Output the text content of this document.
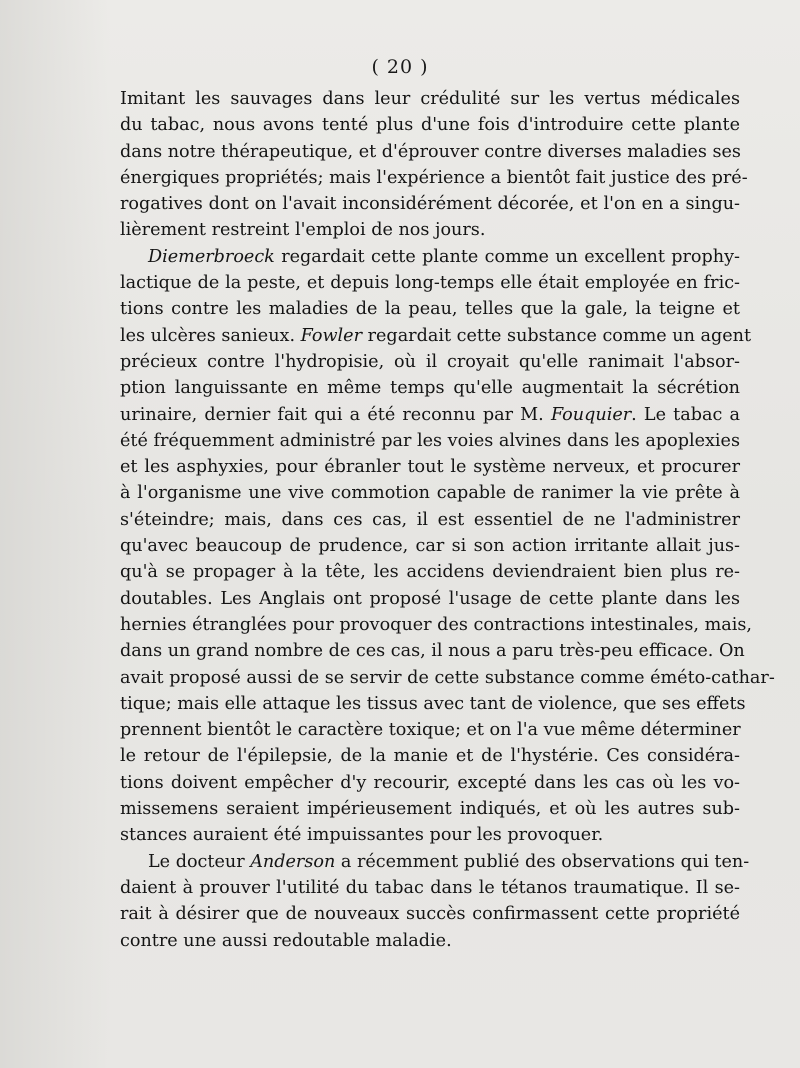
( 20 )
Imitant les sauvages dans leur crédulité sur les vertus médicales
du tabac, nous avons tenté plus d'une fois d'introduire cette plante
dans notre thérapeutique, et d'éprouver contre diverses maladies ses
énergiques propriétés; mais l'expérience a bientôt fait justice des pré-
rogatives dont on l'avait inconsidérément décorée, et l'on en a singu-
lièrement restreint l'emploi de nos jours.
Diemerbroeck regardait cette plante comme un excellent prophy-
lactique de la peste, et depuis long-temps elle était employée en fric-
tions contre les maladies de la peau, telles que la gale, la teigne et
les ulcères sanieux. Fowler regardait cette substance comme un agent
précieux contre l'hydropisie, où il croyait qu'elle ranimait l'absor-
ption languissante en même temps qu'elle augmentait la sécrétion
urinaire, dernier fait qui a été reconnu par M. Fouquier. Le tabac a
été fréquemment administré par les voies alvines dans les apoplexies
et les asphyxies, pour ébranler tout le système nerveux, et procurer
à l'organisme une vive commotion capable de ranimer la vie prête à
s'éteindre; mais, dans ces cas, il est essentiel de ne l'administrer
qu'avec beaucoup de prudence, car si son action irritante allait jus-
qu'à se propager à la tête, les accidens deviendraient bien plus re-
doutables. Les Anglais ont proposé l'usage de cette plante dans les
hernies étranglées pour provoquer des contractions intestinales, mais,
dans un grand nombre de ces cas, il nous a paru très-peu efficace. On
avait proposé aussi de se servir de cette substance comme éméto-cathar-
tique; mais elle attaque les tissus avec tant de violence, que ses effets
prennent bientôt le caractère toxique; et on l'a vue même déterminer
le retour de l'épilepsie, de la manie et de l'hystérie. Ces considéra-
tions doivent empêcher d'y recourir, excepté dans les cas où les vo-
missemens seraient impérieusement indiqués, et où les autres sub-
stances auraient été impuissantes pour les provoquer.
Le docteur Anderson a récemment publié des observations qui ten-
daient à prouver l'utilité du tabac dans le tétanos traumatique. Il se-
rait à désirer que de nouveaux succès confirmassent cette propriété
contre une aussi redoutable maladie.
